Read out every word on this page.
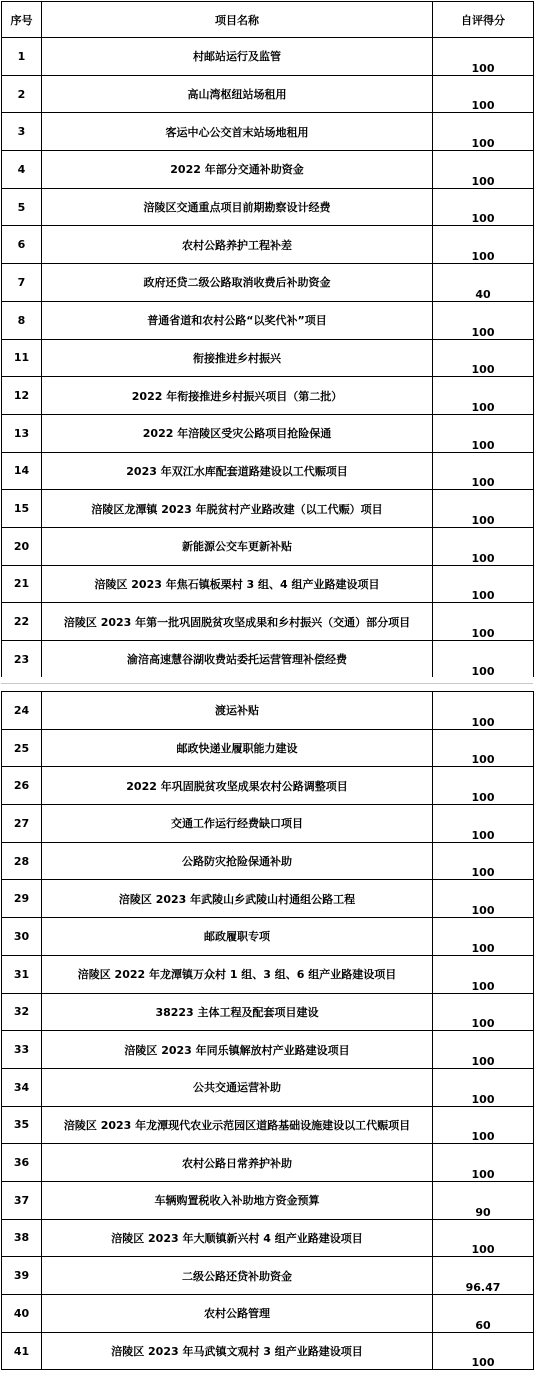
序号	项目名称	自评得分
1	村邮站运行及监管	100
2	高山湾枢纽站场租用	100
3	客运中心公交首末站场地租用	100
4	2022 年部分交通补助资金	100
5	涪陵区交通重点项目前期勘察设计经费	100
6	农村公路养护工程补差	100
7	政府还贷二级公路取消收费后补助资金	40
8	普通省道和农村公路“以奖代补”项目	100
11	衔接推进乡村振兴	100
12	2022 年衔接推进乡村振兴项目（第二批）	100
13	2022 年涪陵区受灾公路项目抢险保通	100
14	2023 年双江水库配套道路建设以工代赈项目	100
15	涪陵区龙潭镇 2023 年脱贫村产业路改建（以工代赈）项目	100
20	新能源公交车更新补贴	100
21	涪陵区 2023 年焦石镇板栗村 3 组、4 组产业路建设项目	100
22	涪陵区 2023 年第一批巩固脱贫攻坚成果和乡村振兴（交通）部分项目	100
23	渝涪高速慧谷湖收费站委托运营管理补偿经费	100
24	渡运补贴	100
25	邮政快递业履职能力建设	100
26	2022 年巩固脱贫攻坚成果农村公路调整项目	100
27	交通工作运行经费缺口项目	100
28	公路防灾抢险保通补助	100
29	涪陵区 2023 年武陵山乡武陵山村通组公路工程	100
30	邮政履职专项	100
31	涪陵区 2022 年龙潭镇万众村 1 组、3 组、6 组产业路建设项目	100
32	38223 主体工程及配套项目建设	100
33	涪陵区 2023 年同乐镇解放村产业路建设项目	100
34	公共交通运营补助	100
35	涪陵区 2023 年龙潭现代农业示范园区道路基础设施建设以工代赈项目	100
36	农村公路日常养护补助	100
37	车辆购置税收入补助地方资金预算	90
38	涪陵区 2023 年大顺镇新兴村 4 组产业路建设项目	100
39	二级公路还贷补助资金	96.47
40	农村公路管理	60
41	涪陵区 2023 年马武镇文观村 3 组产业路建设项目	100
